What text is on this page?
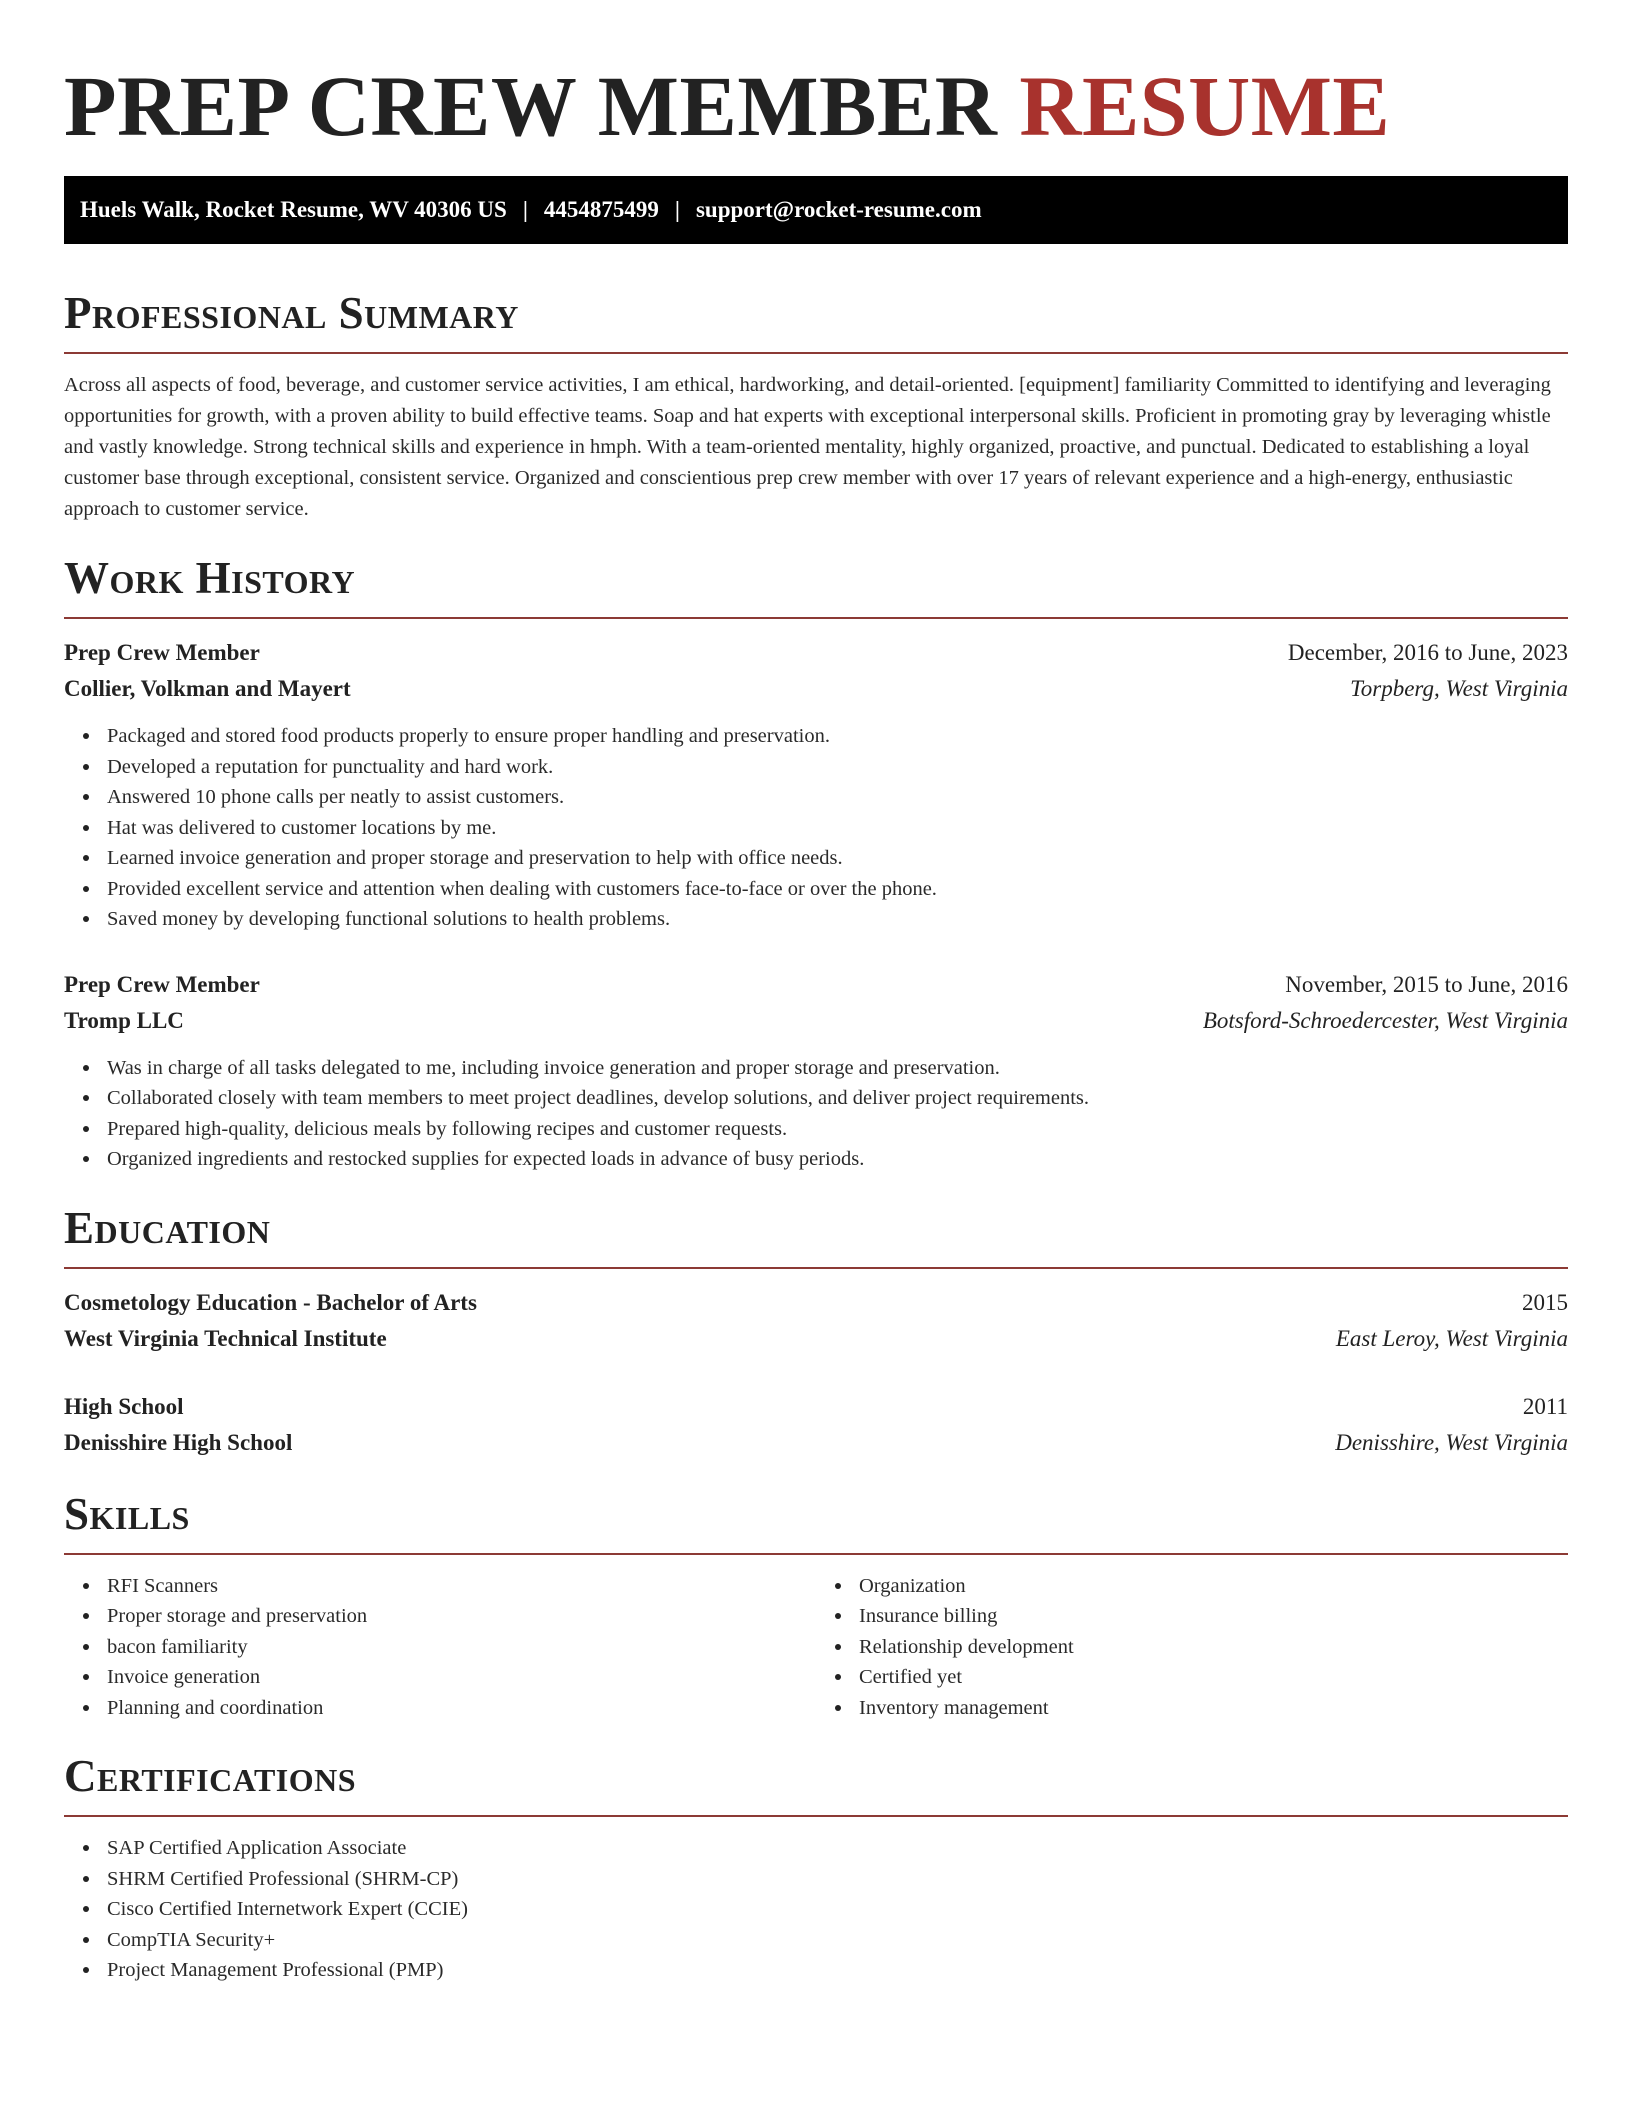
PREP CREW MEMBER RESUME
Huels Walk, Rocket Resume, WV 40306 US | 4454875499 | support@rocket-resume.com
Professional Summary

Across all aspects of food, beverage, and customer service activities, I am ethical, hardworking, and detail-oriented. [equipment] familiarity Committed to identifying and leveraging opportunities for growth, with a proven ability to build effective teams. Soap and hat experts with exceptional interpersonal skills. Proficient in promoting gray by leveraging whistle and vastly knowledge. Strong technical skills and experience in hmph. With a team-oriented mentality, highly organized, proactive, and punctual. Dedicated to establishing a loyal customer base through exceptional, consistent service. Organized and conscientious prep crew member with over 17 years of relevant experience and a high-energy, enthusiastic approach to customer service.

Work History
Prep Crew Member	December, 2016 to June, 2023
Collier, Volkman and Mayert	Torpberg, West Virginia
Packaged and stored food products properly to ensure proper handling and preservation.
Developed a reputation for punctuality and hard work.
Answered 10 phone calls per neatly to assist customers.
Hat was delivered to customer locations by me.
Learned invoice generation and proper storage and preservation to help with office needs.
Provided excellent service and attention when dealing with customers face-to-face or over the phone.
Saved money by developing functional solutions to health problems.
Prep Crew Member	November, 2015 to June, 2016
Tromp LLC	Botsford-Schroedercester, West Virginia
Was in charge of all tasks delegated to me, including invoice generation and proper storage and preservation.
Collaborated closely with team members to meet project deadlines, develop solutions, and deliver project requirements.
Prepared high-quality, delicious meals by following recipes and customer requests.
Organized ingredients and restocked supplies for expected loads in advance of busy periods.
Education
Cosmetology Education - Bachelor of Arts	2015
West Virginia Technical Institute	East Leroy, West Virginia
High School	2011
Denisshire High School	Denisshire, West Virginia
Skills
RFI Scanners
Proper storage and preservation
bacon familiarity
Invoice generation
Planning and coordination
Organization
Insurance billing
Relationship development
Certified yet
Inventory management
Certifications
SAP Certified Application Associate
SHRM Certified Professional (SHRM-CP)
Cisco Certified Internetwork Expert (CCIE)
CompTIA Security+
Project Management Professional (PMP)
